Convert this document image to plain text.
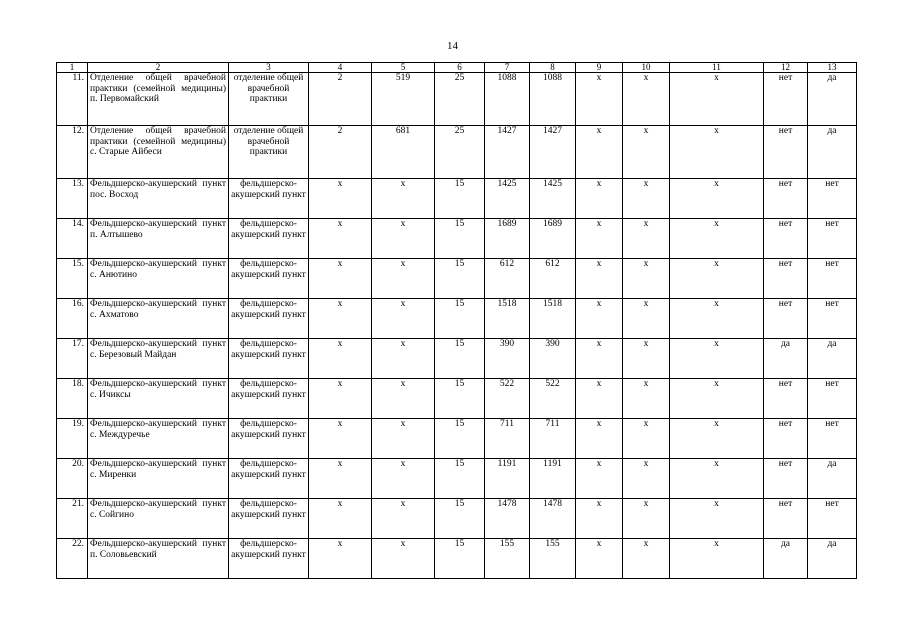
14
1	2	3	4	5	6	7	8	9	10	11	12	13
11.	Отделение общей врачебной практики (семейной медицины) п. Первомайский	отделение общей врачебной практики	2	519	25	1088	1088	x	x	x	нет	да
12.	Отделение общей врачебной практики (семейной медицины) с. Старые Айбеси	отделение общей врачебной практики	2	681	25	1427	1427	x	x	x	нет	да
13.	Фельдшерско-акушерский пункт пос. Восход	фельдшерско-акушерский пункт	x	x	15	1425	1425	x	x	x	нет	нет
14.	Фельдшерско-акушерский пункт п. Алтышево	фельдшерско-акушерский пункт	x	x	15	1689	1689	x	x	x	нет	нет
15.	Фельдшерско-акушерский пункт с. Анютино	фельдшерско-акушерский пункт	x	x	15	612	612	x	x	x	нет	нет
16.	Фельдшерско-акушерский пункт с. Ахматово	фельдшерско-акушерский пункт	x	x	15	1518	1518	x	x	x	нет	нет
17.	Фельдшерско-акушерский пункт с. Березовый Майдан	фельдшерско-акушерский пункт	x	x	15	390	390	x	x	x	да	да
18.	Фельдшерско-акушерский пункт с. Ичиксы	фельдшерско-акушерский пункт	x	x	15	522	522	x	x	x	нет	нет
19.	Фельдшерско-акушерский пункт с. Междуречье	фельдшерско-акушерский пункт	x	x	15	711	711	x	x	x	нет	нет
20.	Фельдшерско-акушерский пункт с. Миренки	фельдшерско-акушерский пункт	x	x	15	1191	1191	x	x	x	нет	да
21.	Фельдшерско-акушерский пункт с. Сойгино	фельдшерско-акушерский пункт	x	x	15	1478	1478	x	x	x	нет	нет
22.	Фельдшерско-акушерский пункт п. Соловьевский	фельдшерско-акушерский пункт	x	x	15	155	155	x	x	x	да	да
